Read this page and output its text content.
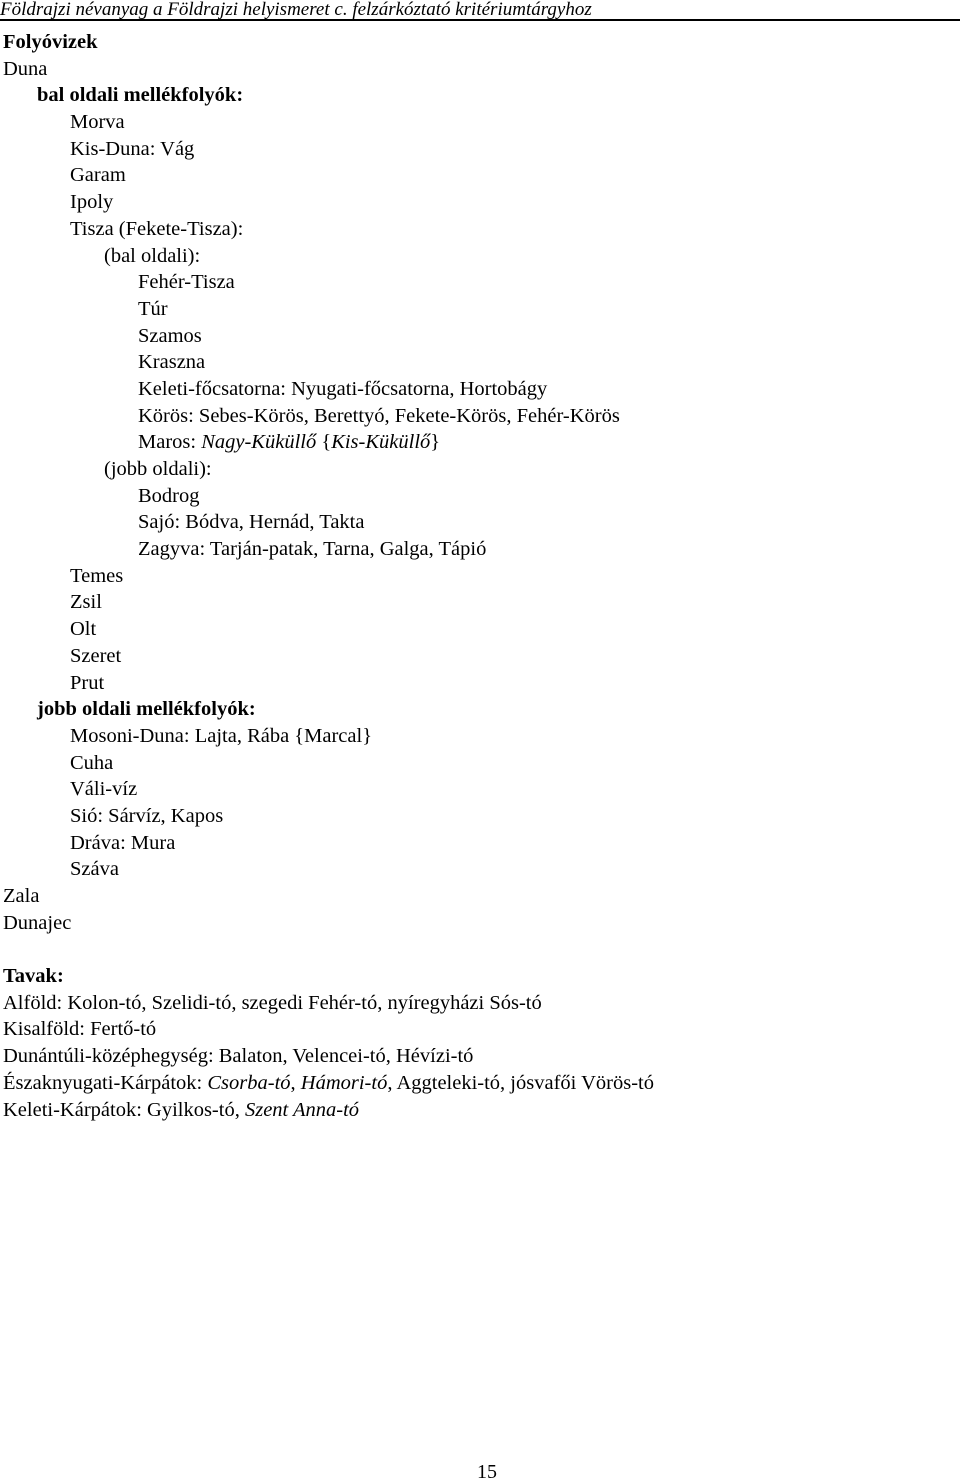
Földrajzi névanyag a Földrajzi helyismeret c. felzárkóztató kritériumtárgyhoz
Folyóvizek
Duna
bal oldali mellékfolyók:
Morva
Kis-Duna: Vág
Garam
Ipoly
Tisza (Fekete-Tisza):
(bal oldali):
Fehér-Tisza
Túr
Szamos
Kraszna
Keleti-főcsatorna: Nyugati-főcsatorna, Hortobágy
Körös: Sebes-Körös, Berettyó, Fekete-Körös, Fehér-Körös
Maros: Nagy-Küküllő {Kis-Küküllő}
(jobb oldali):
Bodrog
Sajó: Bódva, Hernád, Takta
Zagyva: Tarján-patak, Tarna, Galga, Tápió
Temes
Zsil
Olt
Szeret
Prut
jobb oldali mellékfolyók:
Mosoni-Duna: Lajta, Rába {Marcal}
Cuha
Váli-víz
Sió: Sárvíz, Kapos
Dráva: Mura
Száva
Zala
Dunajec
Tavak:
Alföld: Kolon-tó, Szelidi-tó, szegedi Fehér-tó, nyíregyházi Sós-tó
Kisalföld: Fertő-tó
Dunántúli-középhegység: Balaton, Velencei-tó, Hévízi-tó
Északnyugati-Kárpátok: Csorba-tó, Hámori-tó, Aggteleki-tó, jósvafői Vörös-tó
Keleti-Kárpátok: Gyilkos-tó, Szent Anna-tó
15
